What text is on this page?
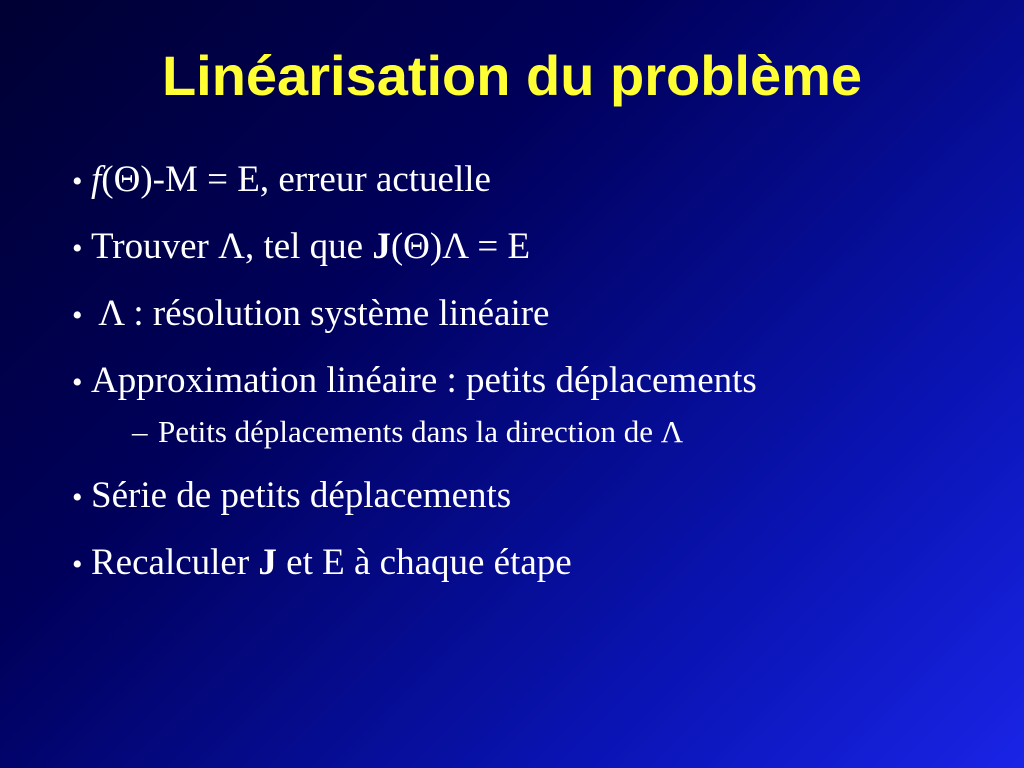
Linéarisation du problème
• f(Θ)-M = E, erreur actuelle
• Trouver Λ, tel que J(Θ)Λ = E
• Λ : résolution système linéaire
• Approximation linéaire : petits déplacements
– Petits déplacements dans la direction de Λ
• Série de petits déplacements
• Recalculer J et E à chaque étape
